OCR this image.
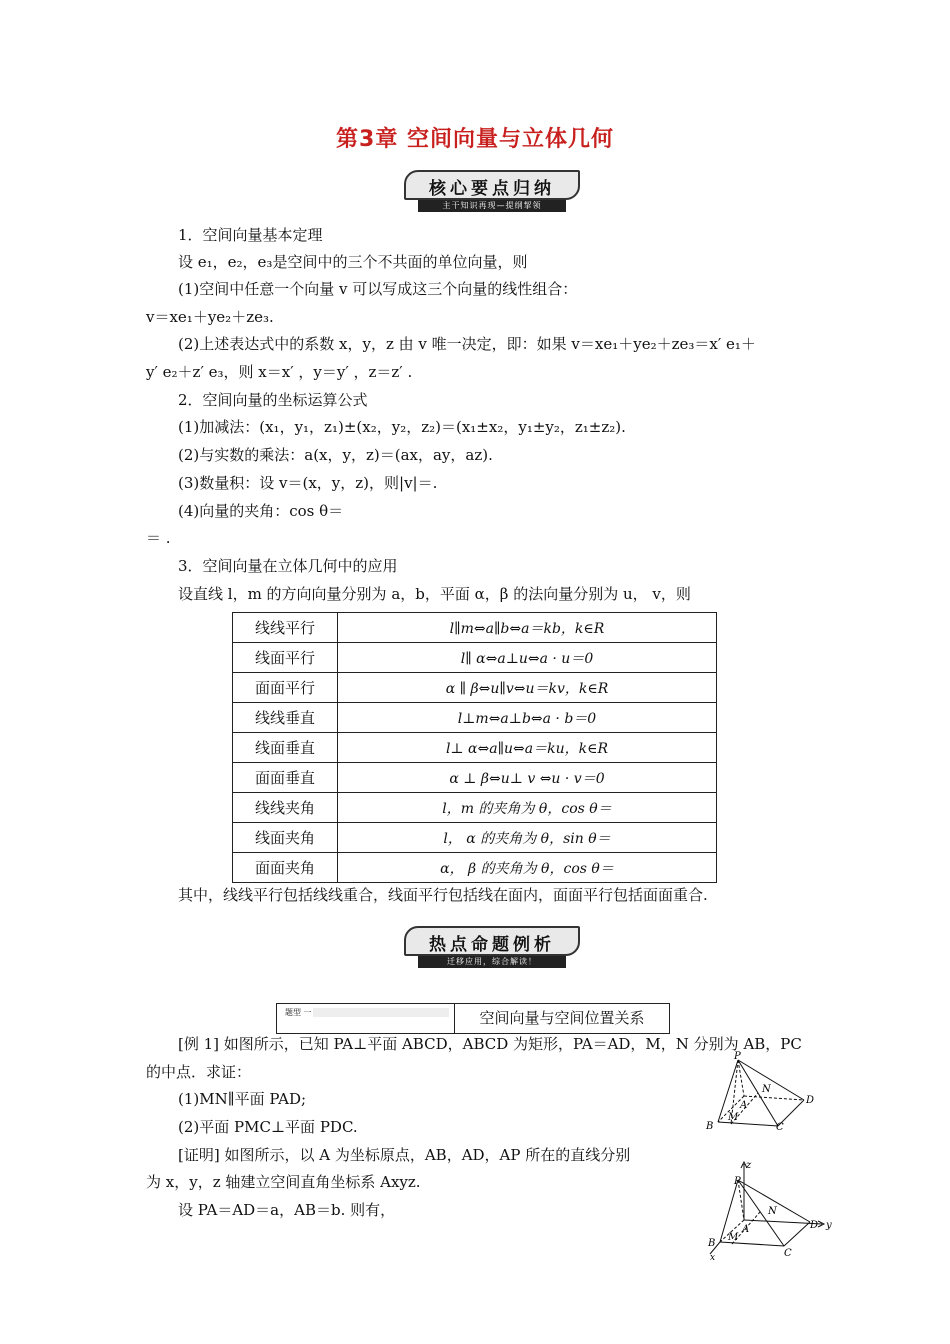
第3章 空间向量与立体几何
核心要点归纳
主干知识再现—提纲挈领
1．空间向量基本定理
设 e₁，e₂，e₃是空间中的三个不共面的单位向量，则
(1)空间中任意一个向量 v 可以写成这三个向量的线性组合：
v＝xe₁＋ye₂＋ze₃.
(2)上述表达式中的系数 x，y，z 由 v 唯一决定，即：如果 v＝xe₁＋ye₂＋ze₃＝x′ e₁＋
y′ e₂＋z′ e₃，则 x＝x′ ，y＝y′ ，z＝z′ .
2．空间向量的坐标运算公式
(1)加减法：(x₁，y₁，z₁)±(x₂，y₂，z₂)＝(x₁±x₂，y₁±y₂，z₁±z₂).
(2)与实数的乘法：a(x，y，z)＝(ax，ay，az).
(3)数量积：设 v＝(x，y，z)，则|v|＝.
(4)向量的夹角：cos θ＝
＝ .
3．空间向量在立体几何中的应用
设直线 l，m 的方向向量分别为 a，b，平面 α，β 的法向量分别为 u， v，则
线线平行	l∥m⇔a∥b⇔a＝kb，k∈R
线面平行	l∥ α⇔a⊥u⇔a · u＝0
面面平行	α ∥ β⇔u∥v⇔u＝kv，k∈R
线线垂直	l⊥m⇔a⊥b⇔a · b＝0
线面垂直	l⊥ α⇔a∥u⇔a＝ku，k∈R
面面垂直	α ⊥ β⇔u⊥ v ⇔u · v＝0
线线夹角	l，m 的夹角为 θ，cos θ＝
线面夹角	l， α 的夹角为 θ，sin θ＝
面面夹角	α， β 的夹角为 θ，cos θ＝
其中，线线平行包括线线重合，线面平行包括线在面内，面面平行包括面面重合.
热点命题例析
迁移应用，综合解读！
题型 一	空间向量与空间位置关系
[例 1] 如图所示，已知 PA⊥平面 ABCD，ABCD 为矩形，PA＝AD，M，N 分别为 AB，PC
的中点．求证：
(1)MN∥平面 PAD;
(2)平面 PMC⊥平面 PDC.
[证明] 如图所示，以 A 为坐标原点，AB，AD，AP 所在的直线分别
为 x，y，z 轴建立空间直角坐标系 Axyz.
设 PA＝AD＝a，AB＝b. 则有，
P
N
A	D
M
B	C
z
P
N
A	D y
M
B
C
x
